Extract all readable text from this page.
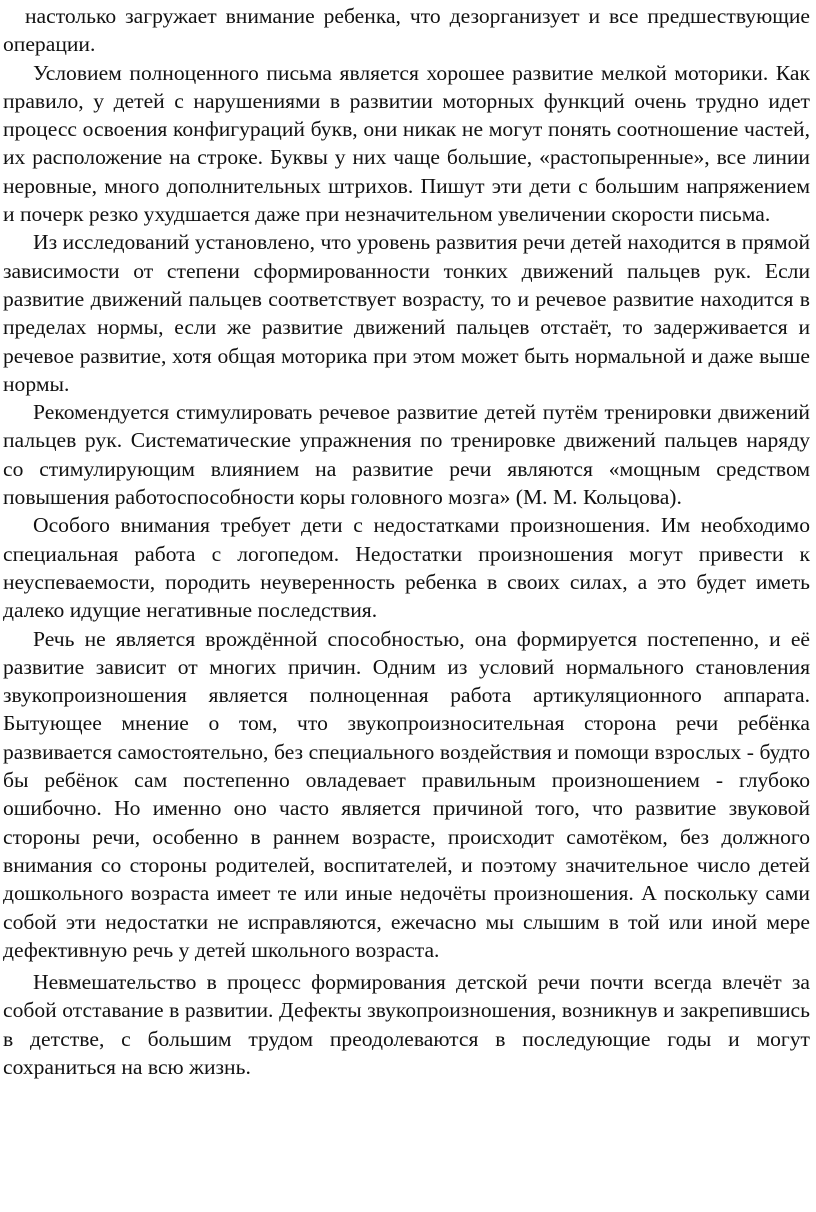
настолько загружает внимание ребенка, что дезорганизует и все предшествующие операции.

Условием полноценного письма является хорошее развитие мелкой моторики. Как правило, у детей с нарушениями в развитии моторных функций очень трудно идет процесс освоения конфигураций букв, они никак не могут понять соотношение частей, их расположение на строке. Буквы у них чаще большие, «растопыренные», все линии неровные, много дополнительных штрихов. Пишут эти дети с большим напряжением и почерк резко ухудшается даже при незначительном увеличении скорости письма.

Из исследований установлено, что уровень развития речи детей находится в прямой зависимости от степени сформированности тонких движений пальцев рук. Если развитие движений пальцев соответствует возрасту, то и речевое развитие находится в пределах нормы, если же развитие движений пальцев отстаёт, то задерживается и речевое развитие, хотя общая моторика при этом может быть нормальной и даже выше нормы.

Рекомендуется стимулировать речевое развитие детей путём тренировки движений пальцев рук. Систематические упражнения по тренировке движений пальцев наряду со стимулирующим влиянием на развитие речи являются «мощным средством повышения работоспособности коры головного мозга» (М. М. Кольцова).

Особого внимания требует дети с недостатками произношения. Им необходимо специальная работа с логопедом. Недостатки произношения могут привести к неуспеваемости, породить неуверенность ребенка в своих силах, а это будет иметь далеко идущие негативные последствия.

Речь не является врождённой способностью, она формируется постепенно, и её развитие зависит от многих причин. Одним из условий нормального становления звукопроизношения является полноценная работа артикуляционного аппарата. Бытующее мнение о том, что звукопроизносительная сторона речи ребёнка развивается самостоятельно, без специального воздействия и помощи взрослых - будто бы ребёнок сам постепенно овладевает правильным произношением - глубоко ошибочно. Но именно оно часто является причиной того, что развитие звуковой стороны речи, особенно в раннем возрасте, происходит самотёком, без должного внимания со стороны родителей, воспитателей, и поэтому значительное число детей дошкольного возраста имеет те или иные недочёты произношения. А поскольку сами собой эти недостатки не исправляются, ежечасно мы слышим в той или иной мере дефективную речь у детей школьного возраста.

Невмешательство в процесс формирования детской речи почти всегда влечёт за собой отставание в развитии. Дефекты звукопроизношения, возникнув и закрепившись в детстве, с большим трудом преодолеваются в последующие годы и могут сохраниться на всю жизнь.
